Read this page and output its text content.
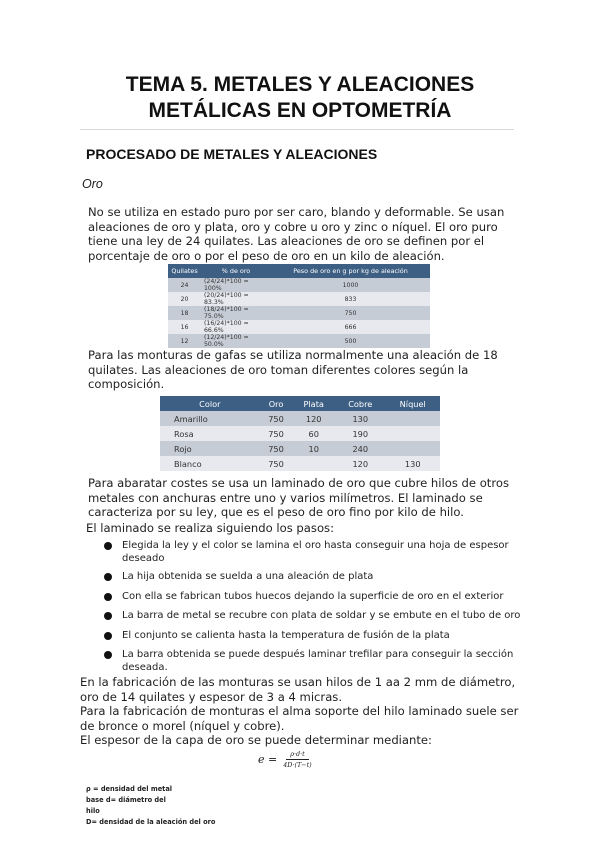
TEMA 5. METALES Y ALEACIONES
METÁLICAS EN OPTOMETRÍA
PROCESADO DE METALES Y ALEACIONES
Oro

No se utiliza en estado puro por ser caro, blando y deformable. Se usan aleaciones de oro y plata, oro y cobre u oro y zinc o níquel. El oro puro tiene una ley de 24 quilates. Las aleaciones de oro se definen por el porcentaje de oro o por el peso de oro en un kilo de aleación.

Quilates	% de oro	Peso de oro en g por kg de aleación
24	(24/24)*100 = 100%	1000
20	(20/24)*100 = 83.3%	833
18	(18/24)*100 = 75.0%	750
16	(16/24)*100 = 66.6%	666
12	(12/24)*100 = 50.0%	500

Para las monturas de gafas se utiliza normalmente una aleación de 18 quilates. Las aleaciones de oro toman diferentes colores según la composición.

Color	Oro	Plata	Cobre	Níquel
Amarillo	750	120	130	
Rosa	750	60	190	
Rojo	750	10	240	
Blanco	750		120	130

Para abaratar costes se usa un laminado de oro que cubre hilos de otros metales con anchuras entre uno y varios milímetros. El laminado se caracteriza por su ley, que es el peso de oro fino por kilo de hilo.

El laminado se realiza siguiendo los pasos:

Elegida la ley y el color se lamina el oro hasta conseguir una hoja de espesor deseado
La hija obtenida se suelda a una aleación de plata
Con ella se fabrican tubos huecos dejando la superficie de oro en el exterior
La barra de metal se recubre con plata de soldar y se embute en el tubo de oro
El conjunto se calienta hasta la temperatura de fusión de la plata
La barra obtenida se puede después laminar trefilar para conseguir la sección deseada.

En la fabricación de las monturas se usan hilos de 1 aa 2 mm de diámetro, oro de 14 quilates y espesor de 3 a 4 micras.

Para la fabricación de monturas el alma soporte del hilo laminado suele ser de bronce o morel (níquel y cobre).

El espesor de la capa de oro se puede determinar mediante:

$e = \frac{\rho\cdot d\cdot t}{4D\cdot(T-t)}$
ρ = densidad del metal
base d= diámetro del
hilo
D= densidad de la aleación del oro
